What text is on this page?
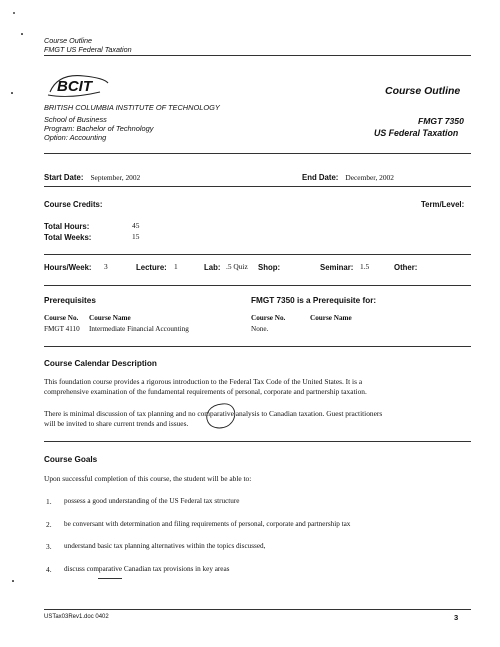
Course Outline
FMGT US Federal Taxation
BCIT	Course Outline
BRITISH COLUMBIA INSTITUTE OF TECHNOLOGY
School of Business
Program: Bachelor of Technology
Option: Accounting
FMGT 7350
US Federal Taxation
Start Date: September, 2002	End Date: December, 2002
Course Credits:	Term/Level:
Total Hours:	45
Total Weeks:	15
Hours/Week: 3	Lecture: 1	Lab: .5 Quiz Shop:	Seminar: 1.5	Other:
Prerequisites	FMGT 7350 is a Prerequisite for:
Course No. Course Name
FMGT 4110 Intermediate Financial Accounting
Course No.	Course Name
None.
Course Calendar Description
This foundation course provides a rigorous introduction to the Federal Tax Code of the United States. It is a
comprehensive examination of the fundamental requirements of personal, corporate and partnership taxation.
There is minimal discussion of tax planning and no comparative analysis to Canadian taxation. Guest practitioners
will be invited to share current trends and issues.
Course Goals
Upon successful completion of this course, the student will be able to:
1. possess a good understanding of the US Federal tax structure
2. be conversant with determination and filing requirements of personal, corporate and partnership tax
3. understand basic tax planning alternatives within the topics discussed,
4. discuss comparative Canadian tax provisions in key areas
USTax03Rev1.doc 0402	3
